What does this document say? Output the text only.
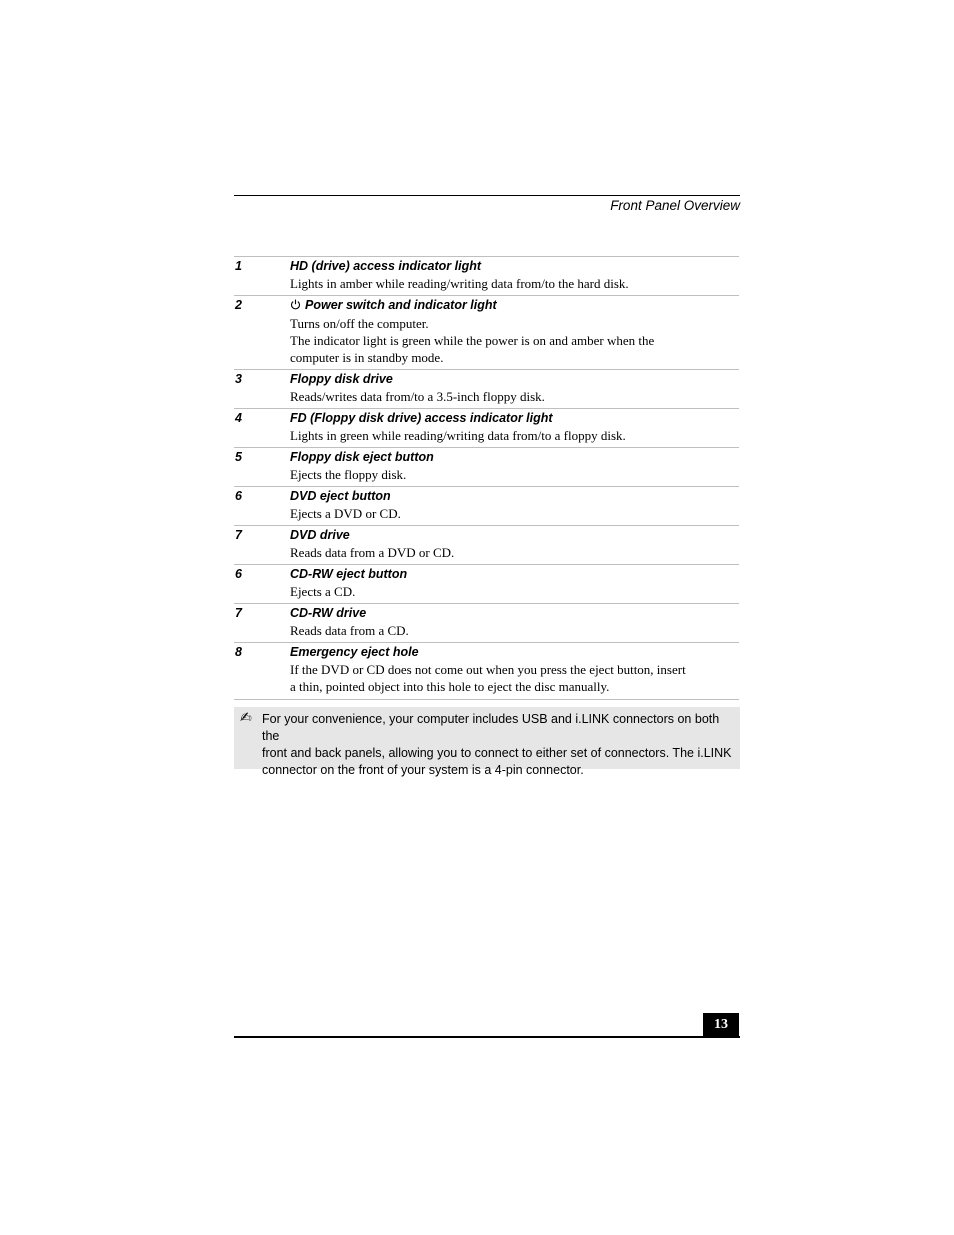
Front Panel Overview
1	HD (drive) access indicator light
Lights in amber while reading/writing data from/to the hard disk.
2	Power switch and indicator light
Turns on/off the computer.
The indicator light is green while the power is on and amber when the
computer is in standby mode.
3	Floppy disk drive
Reads/writes data from/to a 3.5-inch floppy disk.
4	FD (Floppy disk drive) access indicator light
Lights in green while reading/writing data from/to a floppy disk.
5	Floppy disk eject button
Ejects the floppy disk.
6	DVD eject button
Ejects a DVD or CD.
7	DVD drive
Reads data from a DVD or CD.
6	CD-RW eject button
Ejects a CD.
7	CD-RW drive
Reads data from a CD.
8	Emergency eject hole
If the DVD or CD does not come out when you press the eject button, insert
a thin, pointed object into this hole to eject the disc manually.
✍ For your convenience, your computer includes USB and i.LINK connectors on both the
front and back panels, allowing you to connect to either set of connectors. The i.LINK
connector on the front of your system is a 4-pin connector.
13
